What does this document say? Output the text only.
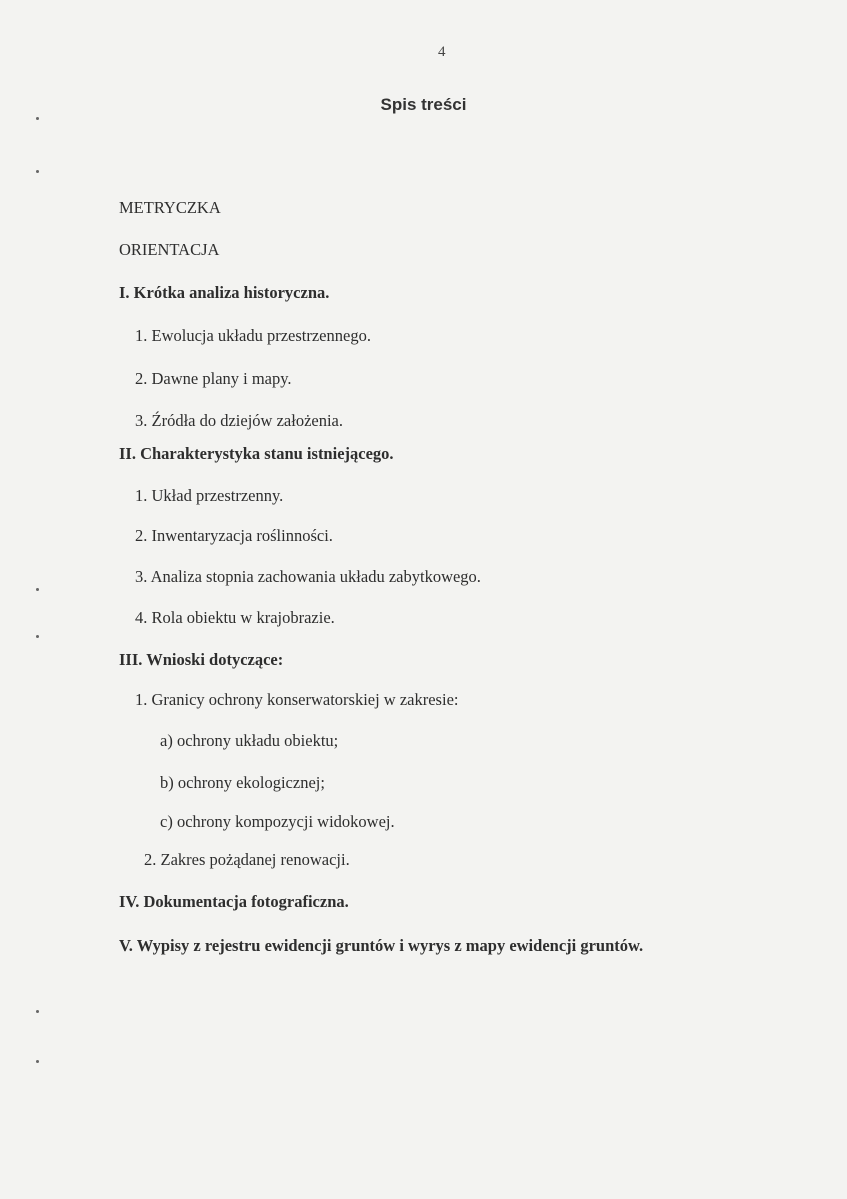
4
Spis treści
METRYCZKA
ORIENTACJA
I. Krótka analiza historyczna.
1. Ewolucja układu przestrzennego.
2. Dawne plany i mapy.
3. Źródła do dziejów założenia.
II. Charakterystyka stanu istniejącego.
1. Układ przestrzenny.
2. Inwentaryzacja roślinności.
3. Analiza stopnia zachowania układu zabytkowego.
4. Rola obiektu w krajobrazie.
III. Wnioski dotyczące:
1. Granicy ochrony konserwatorskiej w zakresie:
a) ochrony układu obiektu;
b) ochrony ekologicznej;
c) ochrony kompozycji widokowej.
2. Zakres pożądanej renowacji.
IV. Dokumentacja fotograficzna.
V. Wypisy z rejestru ewidencji gruntów i wyrys z mapy ewidencji gruntów.
